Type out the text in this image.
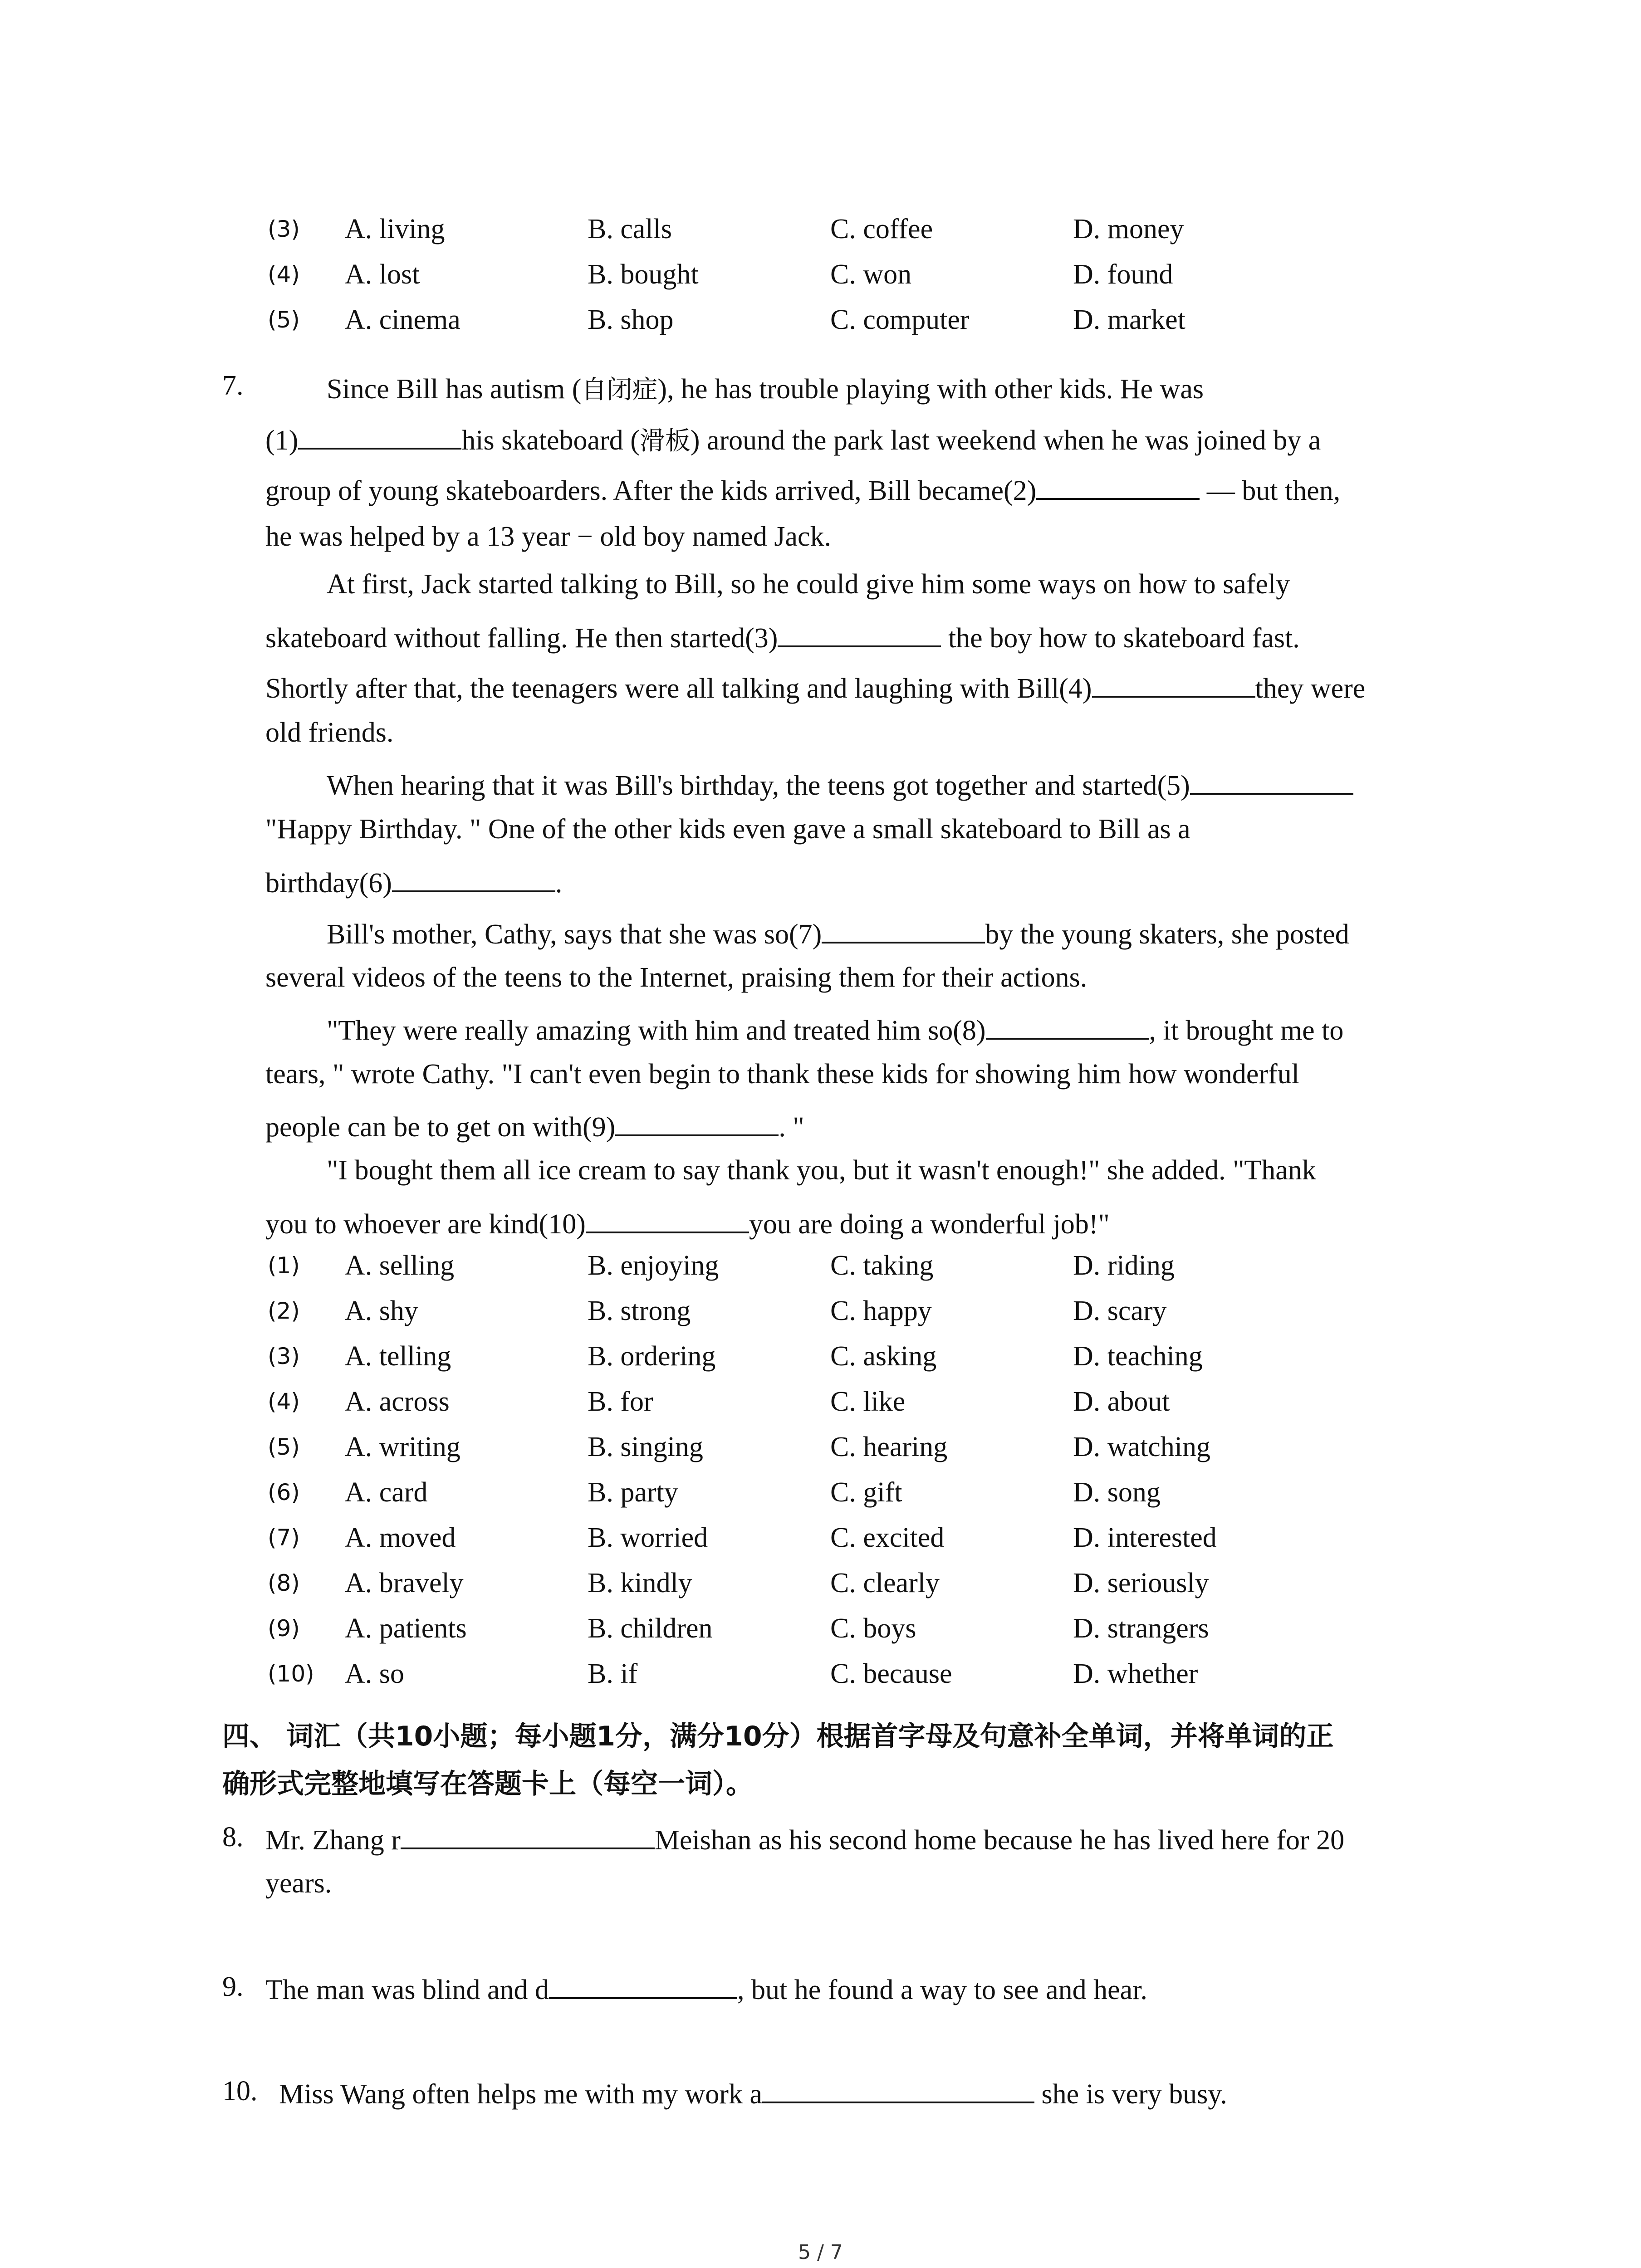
(3) A. living	B. calls	C. coffee	D. money
(4) A. lost	B. bought	C. won	D. found
(5) A. cinema	B. shop	C. computer	D. market
7.	Since Bill has autism (自闭症), he has trouble playing with other kids. He was
(1)	his skateboard (滑板) around the park last weekend when he was joined by a
group of young skateboarders. After the kids arrived, Bill became(2)	— but then,
he was helped by a 13 year − old boy named Jack.
At first, Jack started talking to Bill, so he could give him some ways on how to safely
skateboard without falling. He then started(3)	the boy how to skateboard fast.
Shortly after that, the teenagers were all talking and laughing with Bill(4)	they were
old friends.
When hearing that it was Bill's birthday, the teens got together and started(5)
"Happy Birthday. " One of the other kids even gave a small skateboard to Bill as a
birthday(6)	.
Bill's mother, Cathy, says that she was so(7)	by the young skaters, she posted
several videos of the teens to the Internet, praising them for their actions.
"They were really amazing with him and treated him so(8)	, it brought me to
tears, " wrote Cathy. "I can't even begin to thank these kids for showing him how wonderful
people can be to get on with(9)	. "
"I bought them all ice cream to say thank you, but it wasn't enough!" she added. "Thank
you to whoever are kind(10)	you are doing a wonderful job!"
(1) A. selling	B. enjoying	C. taking	D. riding
(2) A. shy	B. strong	C. happy	D. scary
(3) A. telling	B. ordering	C. asking	D. teaching
(4) A. across	B. for	C. like	D. about
(5) A. writing	B. singing	C. hearing	D. watching
(6) A. card	B. party	C. gift	D. song
(7) A. moved	B. worried	C. excited	D. interested
(8) A. bravely	B. kindly	C. clearly	D. seriously
(9) A. patients	B. children	C. boys	D. strangers
(10) A. so	B. if	C. because	D. whether
四、 词汇（共10小题；每小题1分，满分10分）根据首字母及句意补全单词，并将单词的正
确形式完整地填写在答题卡上（每空一词）。
8. Mr. Zhang r	Meishan as his second home because he has lived here for 20
years.
9. The man was blind and d	, but he found a way to see and hear.
10. Miss Wang often helps me with my work a	she is very busy.
5 / 7
